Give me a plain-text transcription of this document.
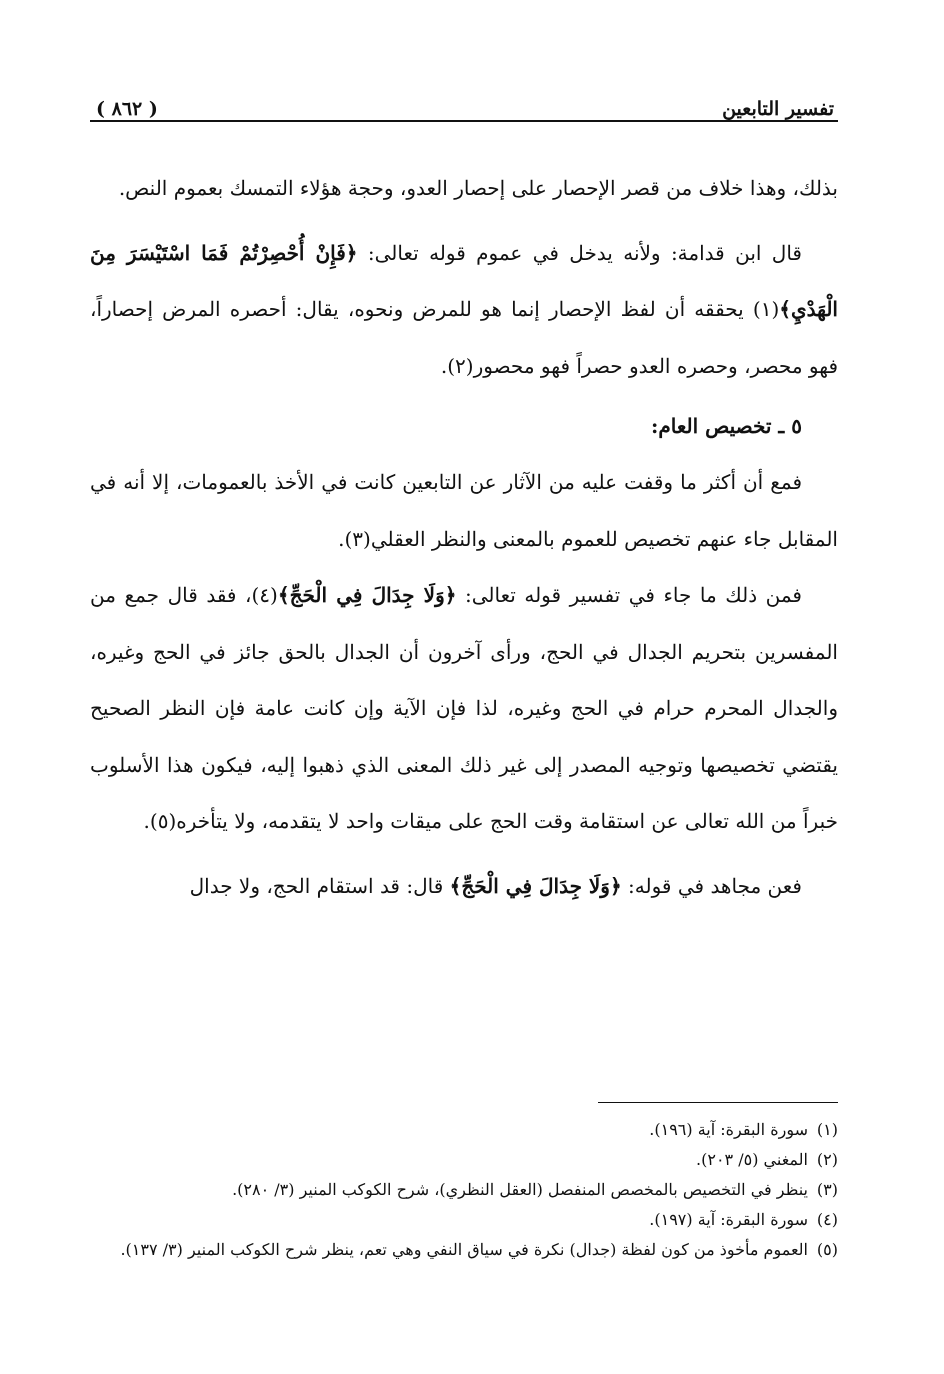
تفسير التابعين
( ٨٦٢ )

بذلك، وهذا خلاف من قصر الإحصار على إحصار العدو، وحجة هؤلاء التمسك بعموم النص.

قال ابن قدامة: ولأنه يدخل في عموم قوله تعالى: ﴿فَإِنْ أُحْصِرْتُمْ فَمَا اسْتَيْسَرَ مِنَ الْهَدْيِ﴾(١) يحققه أن لفظ الإحصار إنما هو للمرض ونحوه، يقال: أحصره المرض إحصاراً، فهو محصر، وحصره العدو حصراً فهو محصور(٢).

٥ ـ تخصيص العام:

فمع أن أكثر ما وقفت عليه من الآثار عن التابعين كانت في الأخذ بالعمومات، إلا أنه في المقابل جاء عنهم تخصيص للعموم بالمعنى والنظر العقلي(٣).

فمن ذلك ما جاء في تفسير قوله تعالى: ﴿وَلَا جِدَالَ فِي الْحَجِّ﴾(٤)، فقد قال جمع من المفسرين بتحريم الجدال في الحج، ورأى آخرون أن الجدال بالحق جائز في الحج وغيره، والجدال المحرم حرام في الحج وغيره، لذا فإن الآية وإن كانت عامة فإن النظر الصحيح يقتضي تخصيصها وتوجيه المصدر إلى غير ذلك المعنى الذي ذهبوا إليه، فيكون هذا الأسلوب خبراً من الله تعالى عن استقامة وقت الحج على ميقات واحد لا يتقدمه، ولا يتأخره(٥).

فعن مجاهد في قوله: ﴿وَلَا جِدَالَ فِي الْحَجِّ﴾ قال: قد استقام الحج، ولا جدال

(١)
سورة البقرة: آية (١٩٦).
(٢)
المغني (٥/ ٢٠٣).
(٣)
ينظر في التخصيص بالمخصص المنفصل (العقل النظري)، شرح الكوكب المنير (٣/ ٢٨٠).
(٤)
سورة البقرة: آية (١٩٧).
(٥)
العموم مأخوذ من كون لفظة (جدال) نكرة في سياق النفي وهي تعم، ينظر شرح الكوكب المنير (٣/ ١٣٧).
